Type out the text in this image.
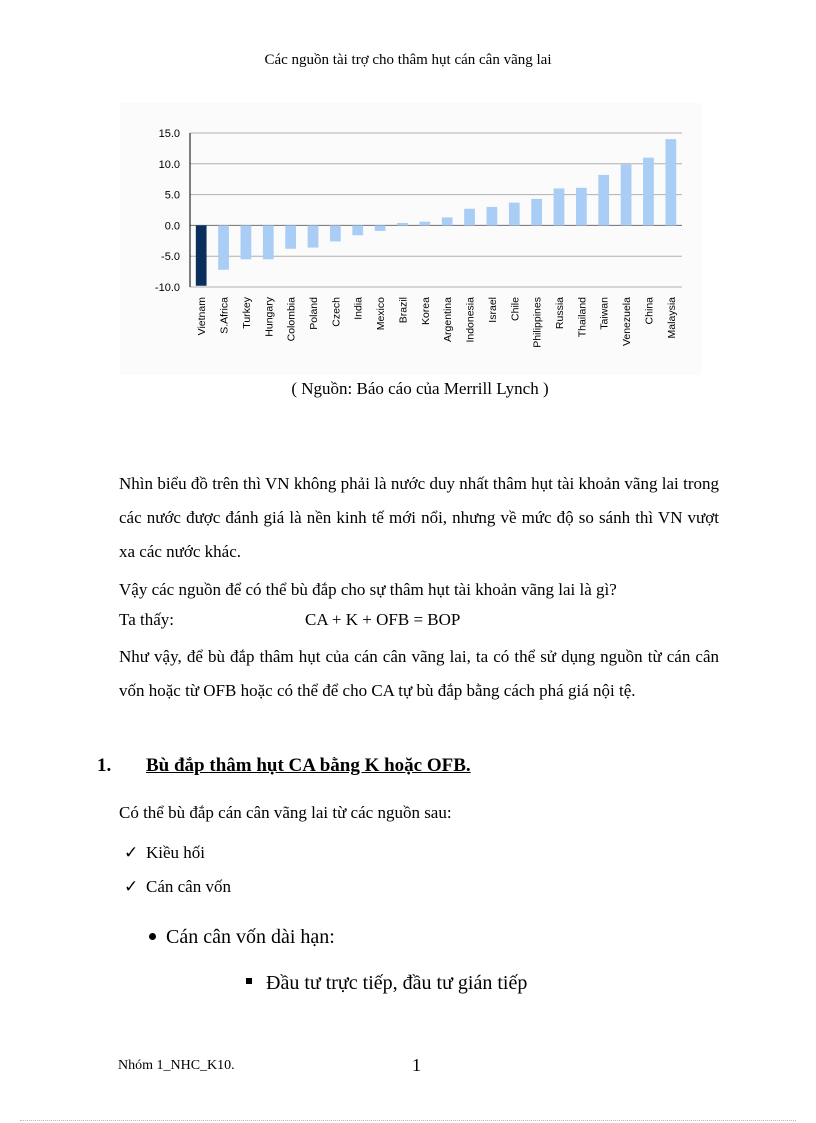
Các nguồn tài trợ cho thâm hụt cán cân vãng lai
15.0
10.0
5.0
0.0
-5.0
-10.0
Vietnam S.Africa Turkey Hungary Colombia Poland Czech India Mexico Brazil Korea Argentina Indonesia Israel Chile Philippines Russia Thailand Taiwan Venezuela China Malaysia
( Nguồn: Báo cáo của Merrill Lynch )
Nhìn biểu đồ trên thì VN không phải là nước duy nhất thâm hụt tài khoản vãng lai trong các nước được đánh giá là nền kinh tế mới nổi, nhưng về mức độ so sánh thì VN vượt xa các nước khác.
Vậy các nguồn để có thể bù đắp cho sự thâm hụt tài khoản vãng lai là gì?
Ta thấy:	CA + K + OFB = BOP
Như vậy, để bù đắp thâm hụt của cán cân vãng lai, ta có thể sử dụng nguồn từ cán cân vốn hoặc từ OFB hoặc có thể để cho CA tự bù đắp bằng cách phá giá nội tệ.
1. Bù đắp thâm hụt CA bằng K hoặc OFB.
Có thể bù đắp cán cân vãng lai từ các nguồn sau:
✓ Kiều hối
✓ Cán cân vốn
Cán cân vốn dài hạn:
Đầu tư trực tiếp, đầu tư gián tiếp
Nhóm 1_NHC_K10.	1
